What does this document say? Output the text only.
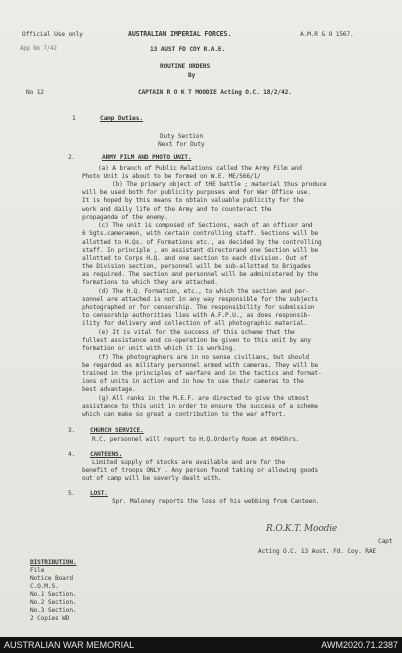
Official Use only	AUSTRALIAN IMPERIAL FORCES.	A.M.R & O 1567.
App No 7/42	13 AUST FD COY R.A.E.
ROUTINE ORDERS
By
No 12	CAPTAIN R O K T MOODIE Acting O.C. 18/2/42.
1	Camp Duties.
Duty Section
Next for Duty
2.	ARMY FILM AND PHOTO UNIT.
(a) A branch of Public Relations called the Army Film and
Photo Unit is about to be formed on W.E. ME/566/1/
(b) The primary object of tHE battle ; material thus produce
will be used both for publicity purposes and for War Office use.
It is hoped by this means to obtain valuable publicity for the
work and daily life of the Army and to counteract the
propaganda of the enemy.
(c) The unit is composed of Sections, each of an officer and
6 Sgts.cameramen, with certain controlling staff. Sections will be
allotted to H.Qs. of Formations etc., as decided by the controlling
staff. In principle , an assistant directorand one Section will be
allotted to Corps H.Q. and one section to each division. Out of
the Division section, personnel will be sub-allotted to Brigades
as required. The section and personnel will be administered by the
formations to which they are attached.
(d) The H.Q. Formation, etc., to which the section and per-
sonnel are attached is not in any way responsible for the subjects
photographed or for censorship. The responsibility for submission
to censorship authorities lies with A.F.P.U., as does responsib-
ility for delivery and collection of all photographic material.
(e) It is vital for the success of this scheme that the
fullest assistance and co-operation be given to this unit by any
formation or unit with which it is working.
(f) The photographers are in no sense civilians, but should
be regarded as military personnel armed with cameras. They will be
trained in the principles of warfare and in the tactics and format-
ions of units in action and in how to use their cameras to the
best advantage.
(g) All ranks in the M.E.F. are directed to give the utmost
assistance to this unit in order to ensure the success of a scheme
which can make so great a contribution to the war effort.
3. CHURCH SERVICE.
R.C. personnel will report to H.Q.Orderly Room at 0045hrs.
4. CANTEENS.
Limited supply of stocks are available and are for the
benefit of troops ONLY . Any person found taking or allowing goods
out of camp will be severly dealt with.
5. LOST.
Spr. Maloney reports the loss of his webbing from Canteen.
R.O.K.T. Moodie
Capt
Acting O.C. 13 Aust. Fd. Coy. RAE
DISTRIBUTION.
File
Notice Board
C.O.M.S.
No.1 Section.
No.2 Section.
No.3 Section.
2 Copies WD
AUSTRALIAN WAR MEMORIAL	AWM2020.71.2387
